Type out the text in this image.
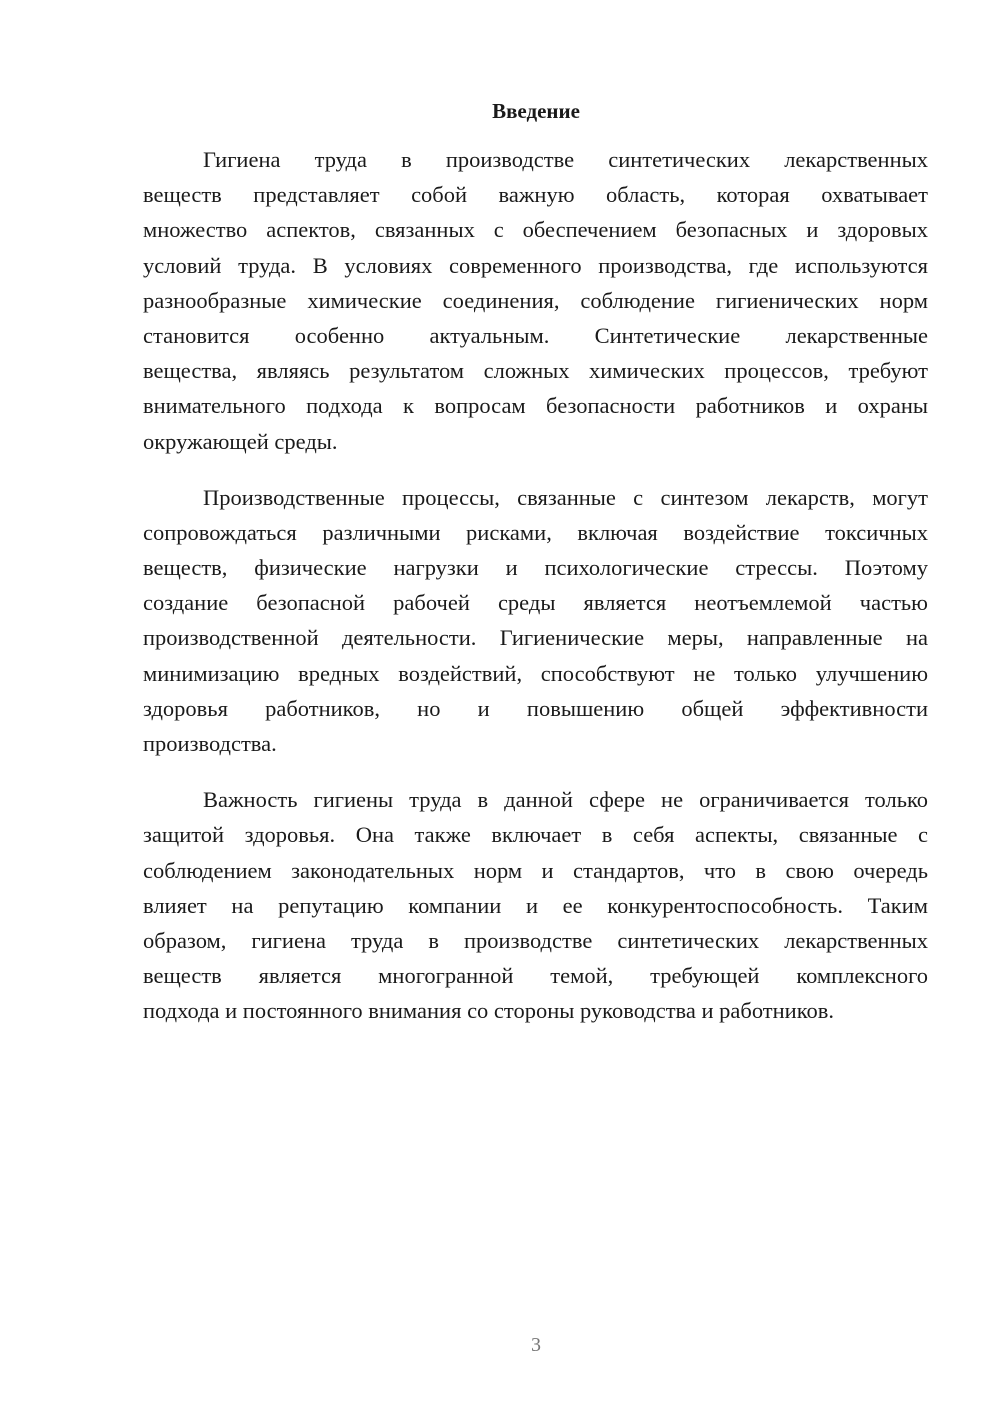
Введение
Гигиена труда в производстве синтетических лекарственных
веществ представляет собой важную область, которая охватывает
множество аспектов, связанных с обеспечением безопасных и здоровых
условий труда. В условиях современного производства, где используются
разнообразные химические соединения, соблюдение гигиенических норм
становится особенно актуальным. Синтетические лекарственные
вещества, являясь результатом сложных химических процессов, требуют
внимательного подхода к вопросам безопасности работников и охраны
окружающей среды.
Производственные процессы, связанные с синтезом лекарств, могут
сопровождаться различными рисками, включая воздействие токсичных
веществ, физические нагрузки и психологические стрессы. Поэтому
создание безопасной рабочей среды является неотъемлемой частью
производственной деятельности. Гигиенические меры, направленные на
минимизацию вредных воздействий, способствуют не только улучшению
здоровья работников, но и повышению общей эффективности
производства.
Важность гигиены труда в данной сфере не ограничивается только
защитой здоровья. Она также включает в себя аспекты, связанные с
соблюдением законодательных норм и стандартов, что в свою очередь
влияет на репутацию компании и ее конкурентоспособность. Таким
образом, гигиена труда в производстве синтетических лекарственных
веществ является многогранной темой, требующей комплексного
подхода и постоянного внимания со стороны руководства и работников.
3
